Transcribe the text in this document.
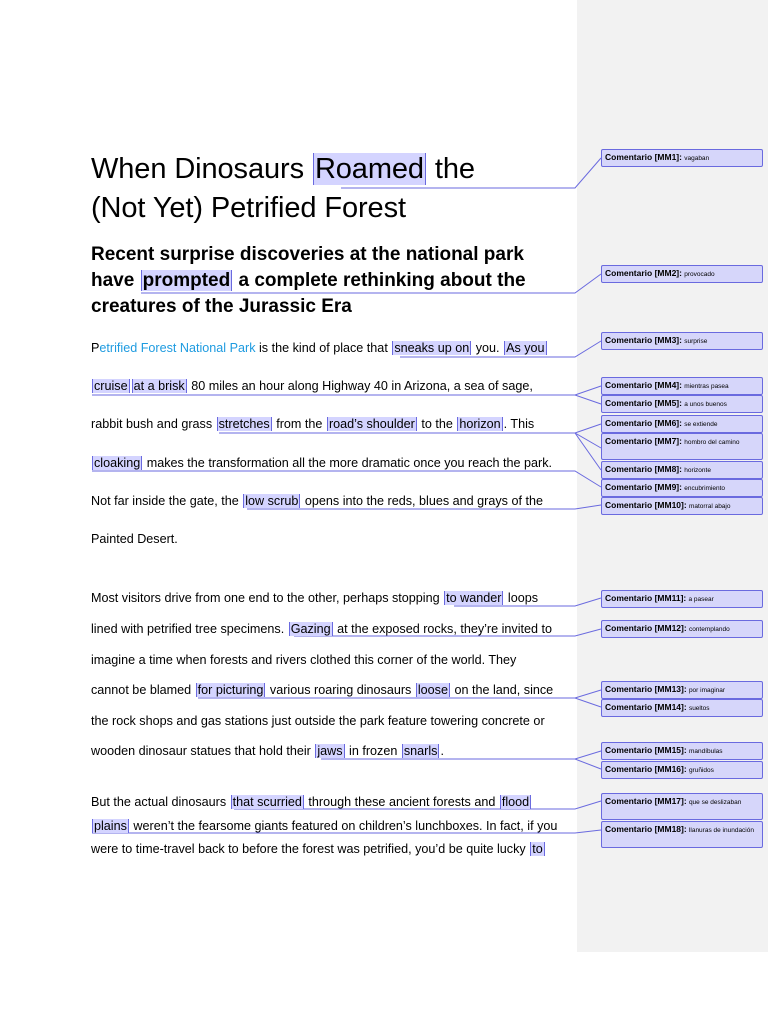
When Dinosaurs Roamed the
(Not Yet) Petrified Forest
Recent surprise discoveries at the national park
have prompted a complete rethinking about the
creatures of the Jurassic Era
Petrified Forest National Park is the kind of place that sneaks up on you. As you
cruise at a brisk 80 miles an hour along Highway 40 in Arizona, a sea of sage,
rabbit bush and grass stretches from the road’s shoulder to the horizon . This
cloaking makes the transformation all the more dramatic once you reach the park.
Not far inside the gate, the low scrub opens into the reds, blues and grays of the
Painted Desert.
Most visitors drive from one end to the other, perhaps stopping to wander loops
lined with petrified tree specimens. Gazing at the exposed rocks, they’re invited to
imagine a time when forests and rivers clothed this corner of the world. They
cannot be blamed for picturing various roaring dinosaurs loose on the land, since
the rock shops and gas stations just outside the park feature towering concrete or
wooden dinosaur statues that hold their jaws in frozen snarls .
But the actual dinosaurs that scurried through these ancient forests and flood
plains weren’t the fearsome giants featured on children’s lunchboxes. In fact, if you
were to time-travel back to before the forest was petrified, you’d be quite lucky to
Comentario [MM1]: vagaban
Comentario [MM2]: provocado
Comentario [MM3]: surprise
Comentario [MM4]: mientras pasea
Comentario [MM5]: a unos buenos
Comentario [MM6]: se extiende
Comentario [MM7]: hombro del camino
Comentario [MM8]: horizonte
Comentario [MM9]: encubrimiento
Comentario [MM10]: matorral abajo
Comentario [MM11]: a pasear
Comentario [MM12]: contemplando
Comentario [MM13]: por imaginar
Comentario [MM14]: sueltos
Comentario [MM15]: mandíbulas
Comentario [MM16]: gruñidos
Comentario [MM17]: que se deslizaban
Comentario [MM18]: llanuras de inundación
